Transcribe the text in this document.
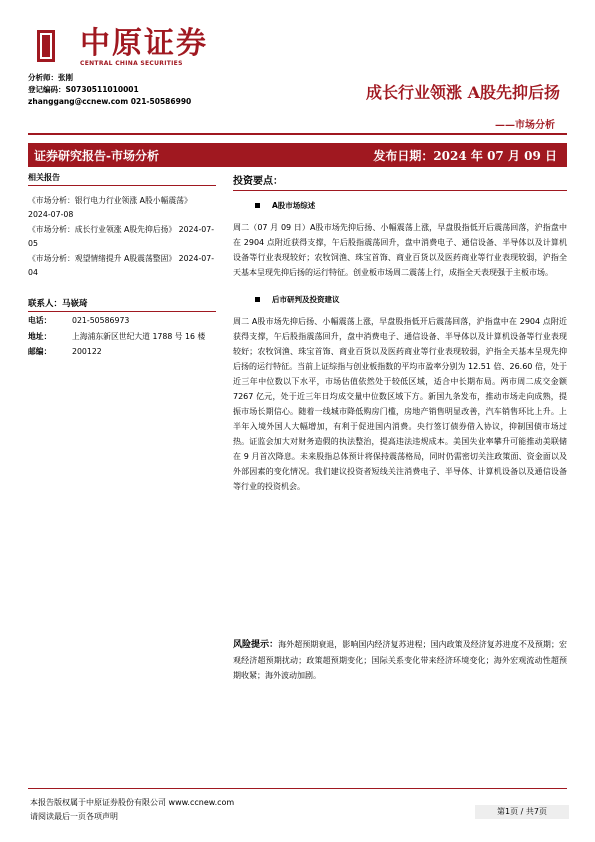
中原证券
CENTRAL CHINA SECURITIES
分析师：张刚
登记编码：S0730511010001
zhanggang@ccnew.com 021-50586990	成长行业领涨 A股先抑后扬
——市场分析
证券研究报告-市场分析	发布日期：2024 年 07 月 09 日
相关报告
《市场分析：银行电力行业领涨 A股小幅震荡》 2024-07-08
《市场分析：成长行业领涨 A股先抑后扬》 2024-07-05
《市场分析：观望情绪提升 A股震荡整固》 2024-07-04
联系人：马嵚琦
电话：	021-50586973
地址：	上海浦东新区世纪大道 1788 号 16 楼
邮编：	200122
投资要点：
A股市场综述
周二（07 月 09 日）A股市场先抑后扬、小幅震荡上涨，早盘股指低开后震荡回落，沪指盘中在 2904 点附近获得支撑，午后股指震荡回升，盘中消费电子、通信设备、半导体以及计算机设备等行业表现较好；农牧饲渔、珠宝首饰、商业百货以及医药商业等行业表现较弱，沪指全天基本呈现先抑后扬的运行特征。创业板市场周二震荡上行，成指全天表现强于主板市场。
后市研判及投资建议
周二 A股市场先抑后扬、小幅震荡上涨，早盘股指低开后震荡回落，沪指盘中在 2904 点附近获得支撑，午后股指震荡回升，盘中消费电子、通信设备、半导体以及计算机设备等行业表现较好；农牧饲渔、珠宝首饰、商业百货以及医药商业等行业表现较弱，沪指全天基本呈现先抑后扬的运行特征。当前上证综指与创业板指数的平均市盈率分别为 12.51 倍、26.60 倍，处于近三年中位数以下水平，市场估值依然处于较低区域，适合中长期布局。两市周二成交金额 7267 亿元，处于近三年日均成交量中位数区域下方。新国九条发布，推动市场走向成熟，提振市场长期信心。随着一线城市降低购房门槛，房地产销售明显改善，汽车销售环比上升。上半年入境外国人大幅增加，有利于促进国内消费。央行签订债券借入协议，抑制国债市场过热。证监会加大对财务造假的执法整治，提高违法违规成本。美国失业率攀升可能推动美联储在 9 月首次降息。未来股指总体预计将保持震荡格局，同时仍需密切关注政策面、资金面以及外部因素的变化情况。我们建议投资者短线关注消费电子、半导体、计算机设备以及通信设备等行业的投资机会。
风险提示：海外超预期衰退，影响国内经济复苏进程；国内政策及经济复苏进度不及预期；宏观经济超预期扰动；政策超预期变化；国际关系变化带来经济环境变化；海外宏观流动性超预期收紧；海外波动加剧。
本报告版权属于中原证券股份有限公司 www.ccnew.com
请阅读最后一页各项声明
第1页 / 共7页
